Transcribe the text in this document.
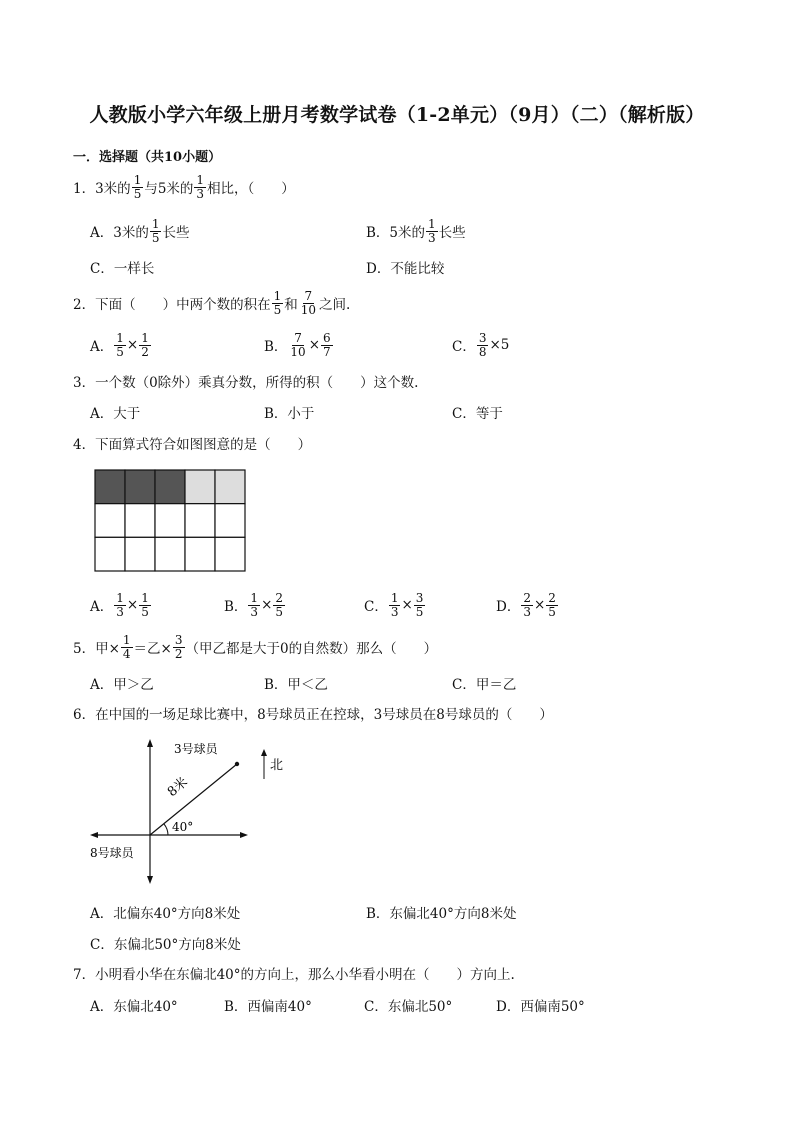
人教版小学六年级上册月考数学试卷（1-2单元）（9月）（二）（解析版）
一．选择题（共10小题）
1． 3米的 $\frac{1}{5}$ 与5米的 $\frac{1}{3}$ 相比，（　　）
A．3米的 $\frac{1}{5}$ 长些	B．5米的 $\frac{1}{3}$ 长些
C．一样长	D．不能比较
2． 下面（　　）中两个数的积在 $\frac{1}{5}$ 和 $\frac{7}{10}$ 之间.
A． $\frac{1}{5} \times \frac{1}{2}$	B． $\frac{7}{10} \times \frac{6}{7}$	C． $\frac{3}{8} \times 5$
3．一个数（0除外）乘真分数，所得的积（　　）这个数.
A．大于	B．小于	C．等于
4．下面算式符合如图图意的是（　　）
A． $\frac{1}{3} \times \frac{1}{5}$	B． $\frac{1}{3} \times \frac{2}{5}$	C． $\frac{1}{3} \times \frac{3}{5}$	D． $\frac{2}{3} \times \frac{2}{5}$
5． 甲× $\frac{1}{4}$ ＝乙× $\frac{3}{2}$ （甲乙都是大于0的自然数）那么（　　）
A．甲＞乙	B．甲＜乙	C．甲＝乙
6．在中国的一场足球比赛中，8号球员正在控球，3号球员在8号球员的（　　）
40°
3号球员
8号球员
8米
北
A．北偏东40°方向8米处	B．东偏北40°方向8米处
C．东偏北50°方向8米处
7．小明看小华在东偏北40°的方向上，那么小华看小明在（　　）方向上.
A．东偏北40°	B．西偏南40°	C．东偏北50°	D．西偏南50°
